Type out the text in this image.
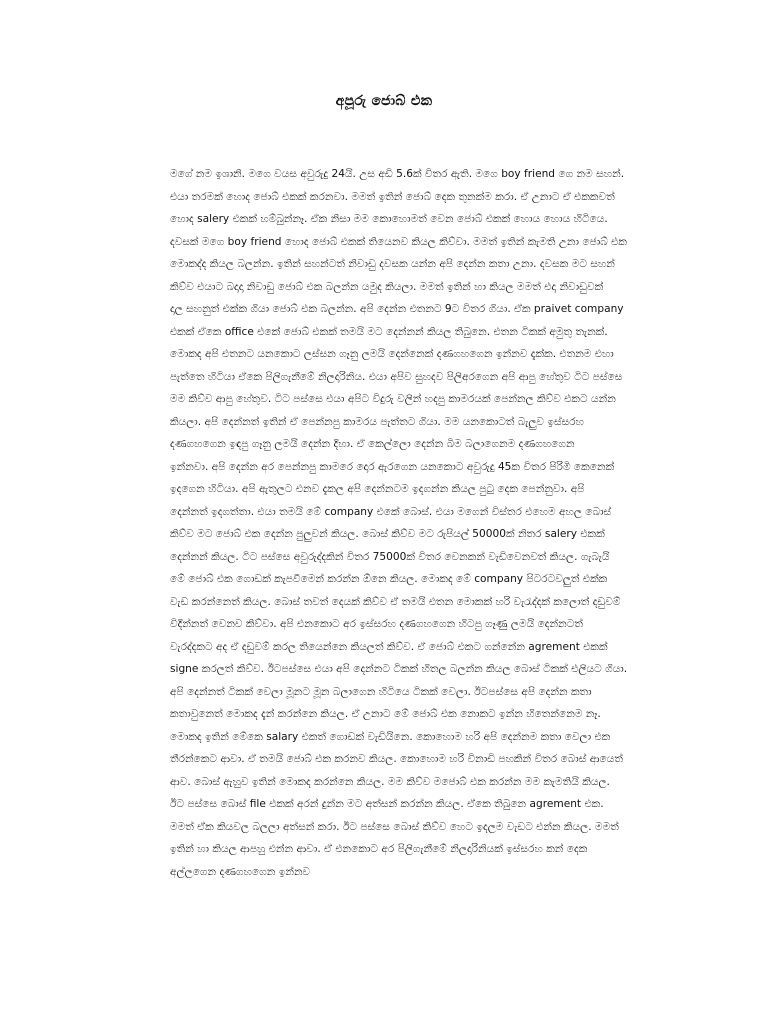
අපූරු ජොබ් එක
මගේ නම ඉශානි. මගෙ වයස අවුරුදු 24යි. උස අඩි 5.6ක් විතර ඇති. මගෙ boy friend ගෙ නම සහන්.
එයා තරමක් හොද ජොබ් එකක් කරනවා. මමත් ඉතින් ජොබ් දෙක තුනක්ම කරා. ඒ උනාට ඒ එකකවත්
හොද salery එකක් හම්බුන්නෑ. ඒක නිසා මම කොහොමත් වෙන ජොබ් එකක් හොය හොය හිටියෙ.
දවසක් මගෙ boy friend හොද ජොබ් එකක් තියෙනව කියල කිව්වා. මමත් ඉතින් කැමති උනා ජොබ් එක
මොකද්ද කියල බලන්න. ඉතින් සහන්ටත් නිවාඩු දවසක යන්න අපි දෙන්න කතා උනා. දවසක මට සහන්
කිව්ව එයාට බදාදා නිවාඩු ජොබ් එක බලන්න යමුද කියලා. මමත් ඉතින් හා කියල මමත් එදා නිවාඩුවක්
දාල සහනුත් එක්ක ගියා ජොබ් එක බලන්න. අපි දෙන්න එතනට 9ට විතර ගියා. ඒක praivet company
එකක් ඒකෙ office එකේ ජොබ් එකක් තමයි මට දෙන්නන් කියල තිබුනෙ. එතන ටිකක් අමුතු තැනක්.
මොකද අපි එතනට යනකොට ලස්සන ගෑනු ලමයි දෙන්නෙක් දණගහගෙන ඉන්නව දැක්ක. එතනම එහා
පැත්තෙ හිටියා ඒකෙ පිලිගැනීමේ නිලදාරිනිය. එයා අපිව සුහදව පිලිඅරගෙන අපි ආපු හේතුව ටිට පස්සෙ
මම කිව්ව ආපු හේතුව. ටිට පස්සෙ එයා අපිට විදුරු වලින් හදපු කාමරයක් පෙන්නල කිව්ව එකට යන්න
කියලා. අපි දෙන්නත් ඉතින් ඒ පෙන්නපු කාමරය පැත්තට ගියා. මම යනකොටත් බැලුව ඉස්සරහ
දණගහගෙන ඉඳපු ගෑනු ලමයි දෙන්න දිහා. ඒ කෙල්ලො දෙන්න බිම බලාගෙනම දණගහගෙන
ඉන්නවා. අපි දෙන්න අර පෙන්නපු කාමරෙ දොර ඇරගෙන යනකොට අවුරුදු 45ක විතර පිරිමි කෙනෙක්
ඉදගෙන හිටියා. අපි ඇතුලට එනව දැකල අපි දෙන්නටම ඉදගන්න කියල පුටු දෙක පෙන්නුවා. අපි
දෙන්නත් ඉදගත්තා. එයා තමයි මේ company එකේ බොස්. එයා මගෙන් විස්තර එහෙම අහල බොස්
කිව්ව මට ජොබ් එක දෙන්න පුලුවන් කියල. බොස් කිව්ව මට රුපියල් 50000ක් නිතර salery එකක්
දෙන්නන් කියල. ටිට පස්සෙ අවුරුද්දකින් විතර 75000ක් විතර වෙනකන් වැඩිවෙනවත් කියල. ගැබැයි
මේ ජොබ් එක ගොඩක් කැපවීමෙන් කරන්න ඕනෙ කියල. මොකද මේ company පිටරටවලුත් එක්ක
වැඩ කරන්නෙත් කියල. බොස් තවත් දෙයක් කිව්ව ඒ තමයි එතන මොකක් හරි වැරැද්දක් කලොත් දඩුවම්
විදින්නත් වෙනව කිව්වා. අපි එනකොට අර ඉස්සරහ දණගහගෙන හිටපු ගෑණු ලමයි දෙන්නටත්
වැරද්දකට අද ඒ දඩුවම් කරල තියෙන්නෙ කියලත් කිව්ව. ඒ ජොබ් එකට ගන්නේන agrement එකක්
signe කරලත් කිව්ව. ඊටපස්සෙ එයා අපි දෙන්නට ටිකක් හිතල බලන්න කියල බොස් ටිකක් එලියට ගියා.
අපි දෙන්නත් ටිකක් වෙලා මූනට මූන බලාගෙන හිටියෙ ටිකක් වෙලා. ඊටපස්සෙ අපි දෙන්න කතා
කතාවුනෙත් මොකද දැන් කරන්නෙ කියල. ඒ උනාට මේ ජොබ් එක නොකට ඉන්න හිතෙන්නෙම නෑ.
මොකද ඉතින් මේකෙ salary එකත් ගොඩක් වැඩියිනෙ. කොහොම හරි අපි දෙන්නම කතා වෙලා එක
තීරන්කෙට ආවා. ඒ තමයි ජොබ් එක කරනව කියල. කොහොම හරි විනාඩි පහකින් විතර බොස් ආයෙත්
ආව. බොස් ඇහුව ඉතින් මොකද කරන්නෙ කියල. මම කිව්ව මජොබ් එක කරන්න මම කැමතියි කියල.
ඊට පස්සෙ බොස් file එකක් අරන් දුන්න මට අත්සන් කරන්න කියල. ඒකෙ තිබුනෙ agrement එක.
මමත් ඒක කියවල බලලා අත්සන් කරා. ඊට පස්සෙ බොස් කිව්ව හෙට ඉදලම වැඩට එන්න කියල. මමත්
ඉතින් හා කියල ආපහු එන්න ආවා. ඒ එනකොට අර පිලිගැනීමේ නිලදාරිනියක් ඉස්සරහ කන් දෙක
අල්ලගෙන දණගහගෙන ඉන්නව
